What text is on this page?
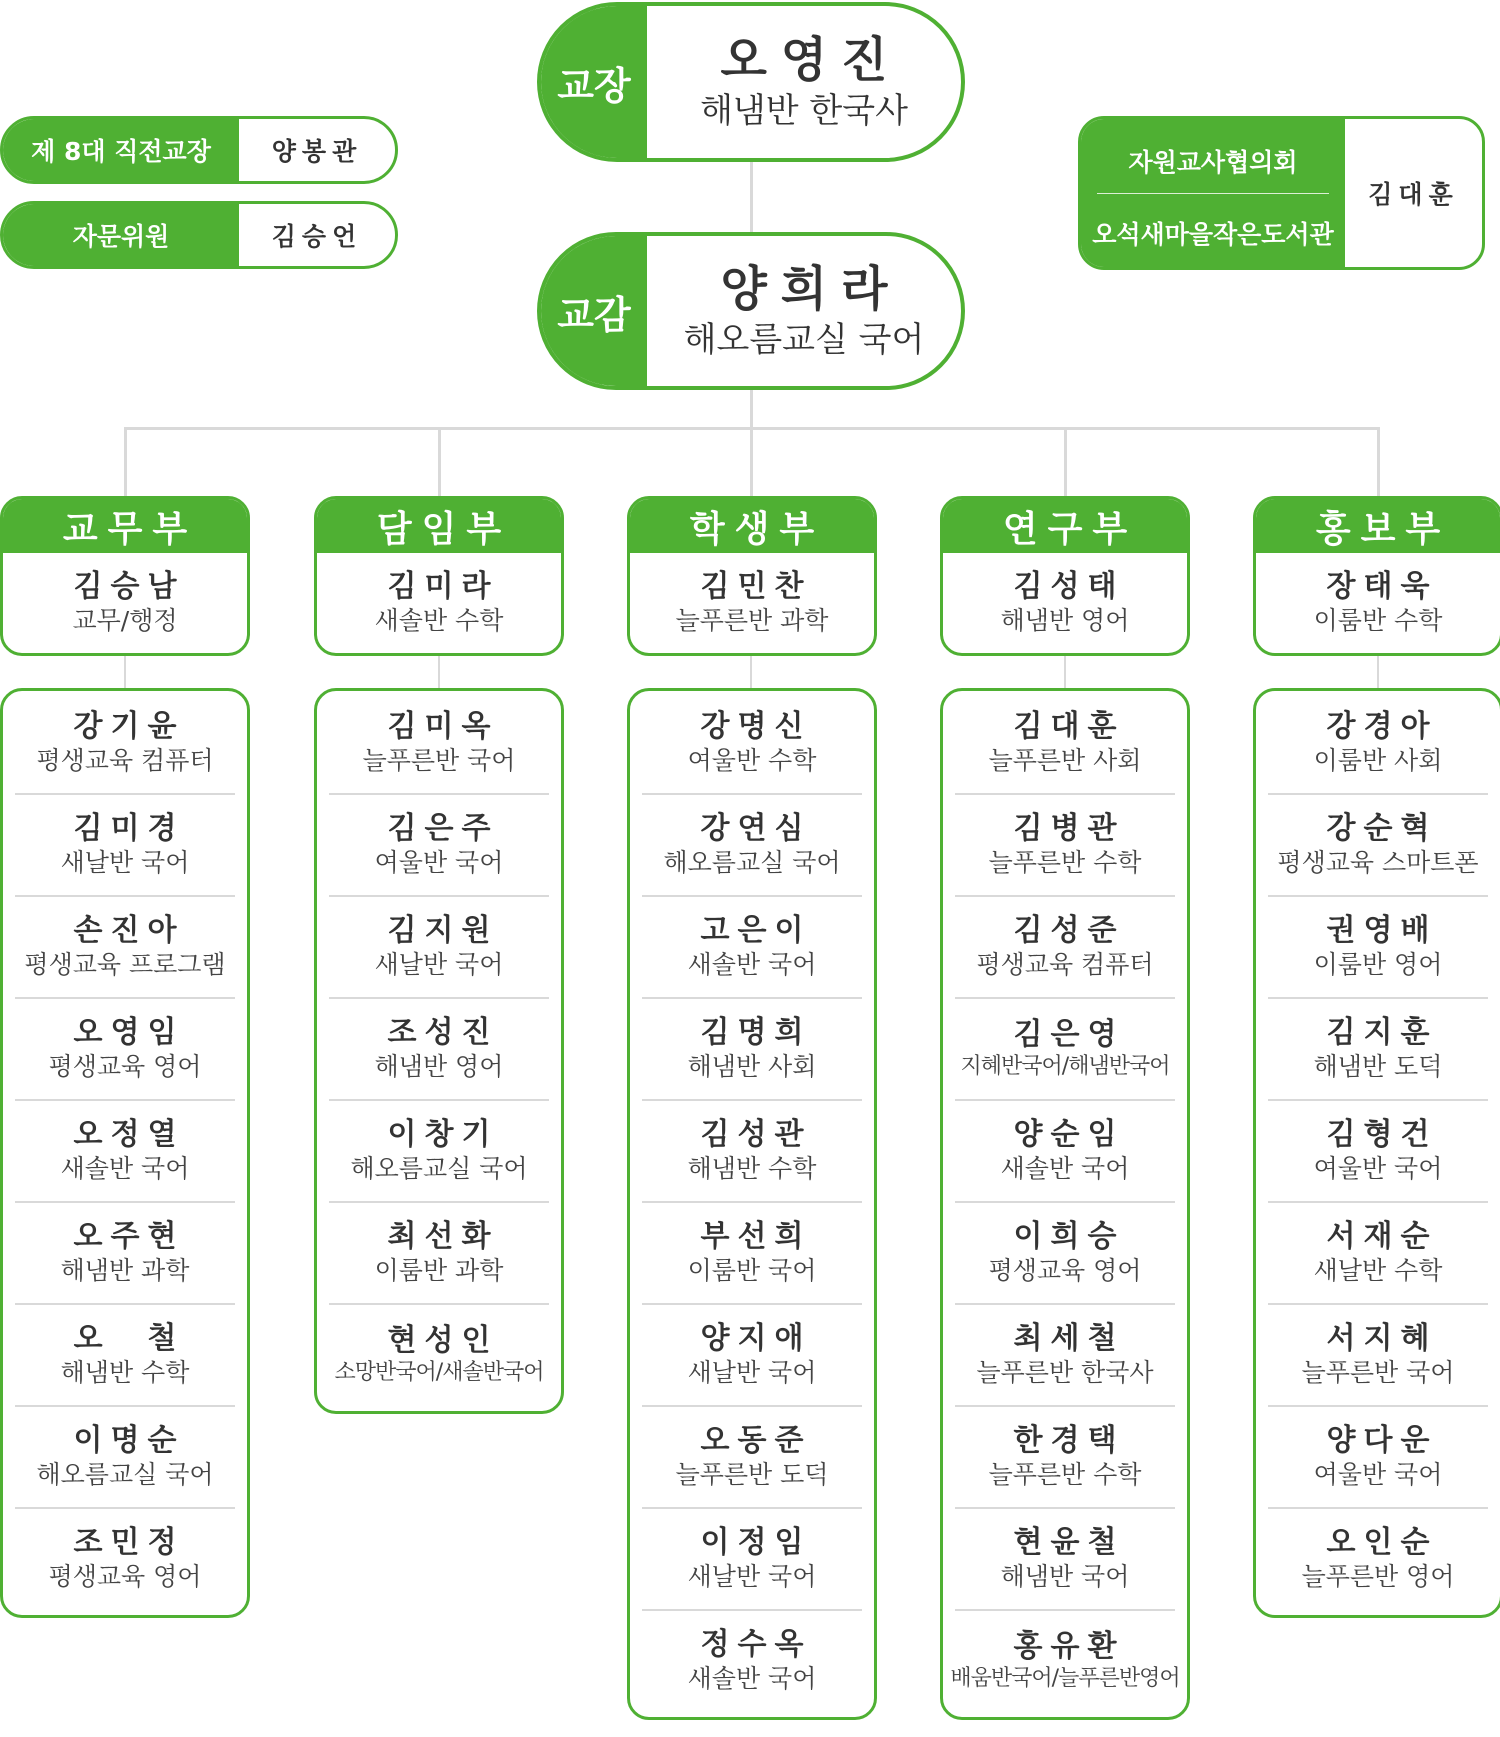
교장	오영진
해냄반 한국사
교감	양희라
해오름교실 국어
제 8대 직전교장	양봉관
자문위원	김승언
자원교사협의회
오석새마을작은도서관
김대훈
교무부
김승남
교무/행정
강기윤
평생교육 컴퓨터
김미경
새날반 국어
손진아
평생교육 프로그램
오영임
평생교육 영어
오정열
새솔반 국어
오주현
해냄반 과학
오  철
해냄반 수학
이명순
해오름교실 국어
조민정
평생교육 영어
담임부
김미라
새솔반 수학
김미옥
늘푸른반 국어
김은주
여울반 국어
김지원
새날반 국어
조성진
해냄반 영어
이창기
해오름교실 국어
최선화
이룸반 과학
현성인
소망반국어/새솔반국어
학생부
김민찬
늘푸른반 과학
강명신
여울반 수학
강연심
해오름교실 국어
고은이
새솔반 국어
김명희
해냄반 사회
김성관
해냄반 수학
부선희
이룸반 국어
양지애
새날반 국어
오동준
늘푸른반 도덕
이정임
새날반 국어
정수옥
새솔반 국어
연구부
김성태
해냄반 영어
김대훈
늘푸른반 사회
김병관
늘푸른반 수학
김성준
평생교육 컴퓨터
김은영
지혜반국어/해냄반국어
양순임
새솔반 국어
이희승
평생교육 영어
최세철
늘푸른반 한국사
한경택
늘푸른반 수학
현윤철
해냄반 국어
홍유환
배움반국어/늘푸른반영어
홍보부
장태욱
이룸반 수학
강경아
이룸반 사회
강순혁
평생교육 스마트폰
권영배
이룸반 영어
김지훈
해냄반 도덕
김형건
여울반 국어
서재순
새날반 수학
서지혜
늘푸른반 국어
양다운
여울반 국어
오인순
늘푸른반 영어
